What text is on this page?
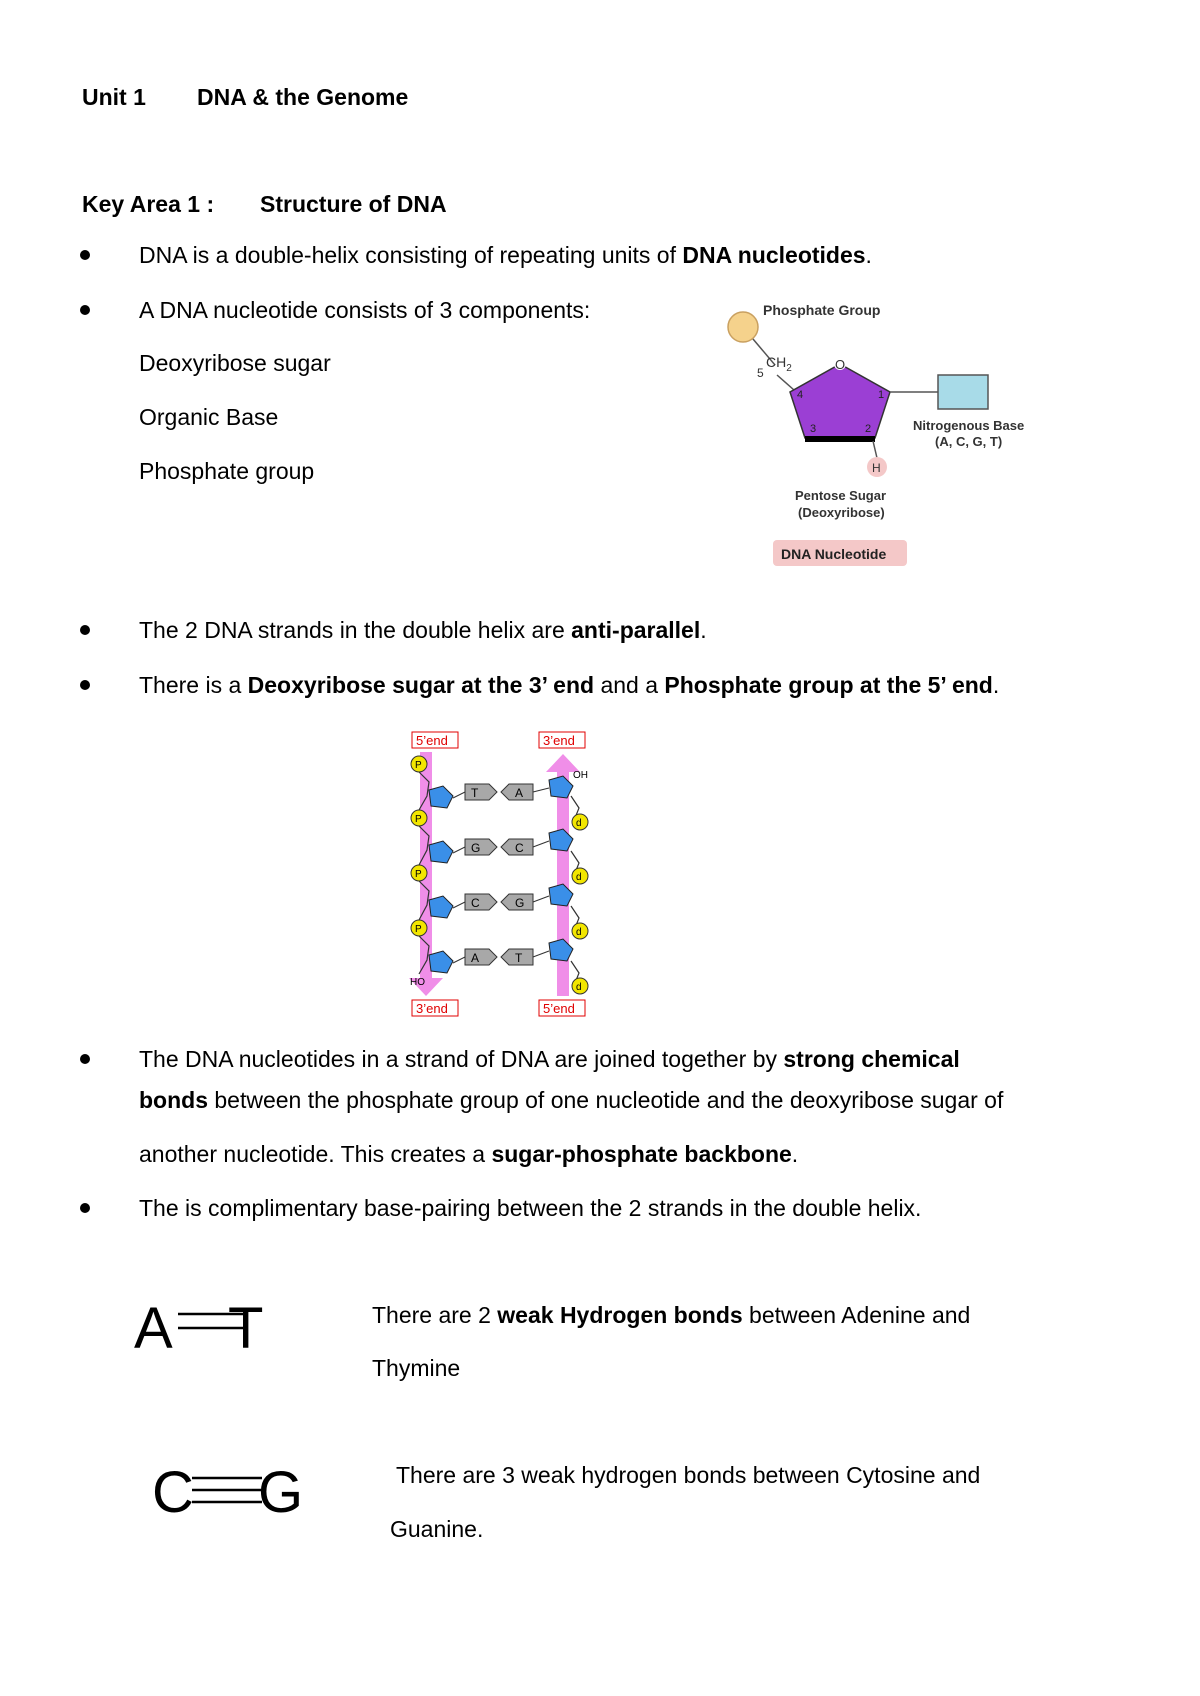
Unit 1 DNA & the Genome
Key Area 1 : Structure of DNA
DNA is a double-helix consisting of repeating units of DNA nucleotides.
A DNA nucleotide consists of 3 components:
Deoxyribose sugar
Organic Base
Phosphate group
Phosphate Group
$CH_2$
5
O
4	1
3	2	Nitrogenous Base
(A, C, G, T)
H
Pentose Sugar
(Deoxyribose)
DNA Nucleotide
The 2 DNA strands in the double helix are anti-parallel.
There is a Deoxyribose sugar at the 3’ end and a Phosphate group at the 5’ end.
5’end	3’end
3’end	5’end
P
P
P
P
HO
OH
d
d
d
d
T	A
G	C
C	G
A	T
The DNA nucleotides in a strand of DNA are joined together by strong chemical
bonds between the phosphate group of one nucleotide and the deoxyribose sugar of
another nucleotide. This creates a sugar-phosphate backbone.
The is complimentary base-pairing between the 2 strands in the double helix.
A T	There are 2 weak Hydrogen bonds between Adenine and
Thymine
C G	There are 3 weak hydrogen bonds between Cytosine and
Guanine.
